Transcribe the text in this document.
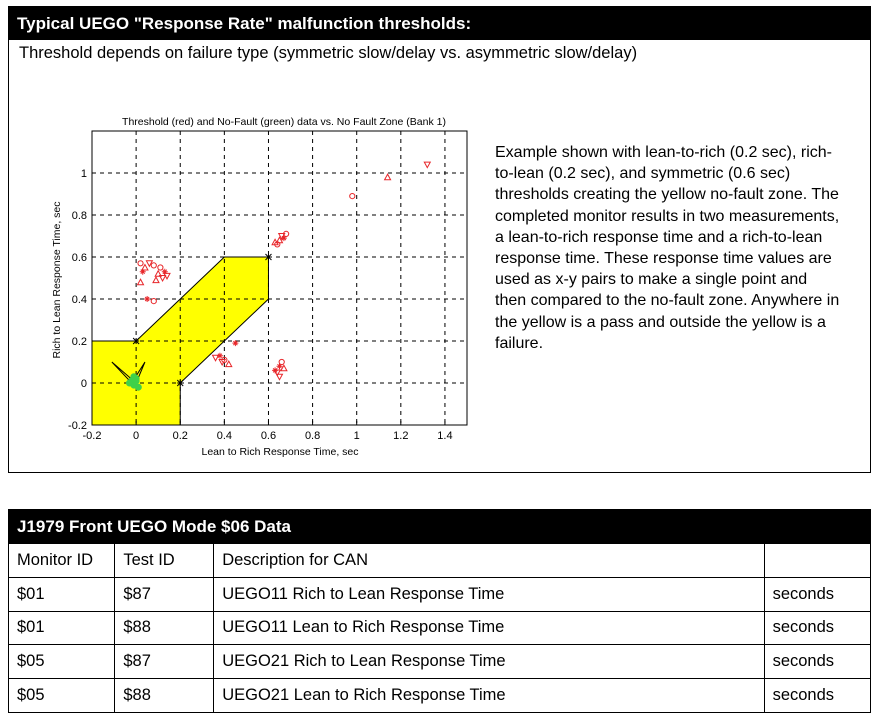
Typical UEGO "Response Rate" malfunction thresholds:
Threshold depends on failure type (symmetric slow/delay vs. asymmetric slow/delay)
Threshold (red) and No-Fault (green) data vs. No Fault Zone (Bank 1)
Lean to Rich Response Time, sec
Rich to Lean Response Time, sec
-0.2	0	0.2	0.4	0.6	0.8	1	1.2	1.4
-0.2
0
0.2
0.4
0.6
0.8
1
Example shown with lean-to-rich (0.2 sec), rich-to-lean (0.2 sec), and symmetric (0.6 sec) thresholds creating the yellow no-fault zone. The completed monitor results in two measurements, a lean-to-rich response time and a rich-to-lean response time. These response time values are used as x-y pairs to make a single point and then compared to the no-fault zone. Anywhere in the yellow is a pass and outside the yellow is a failure.
J1979 Front UEGO Mode $06 Data
Monitor ID	Test ID	Description for CAN	
$01	$87	UEGO11 Rich to Lean Response Time	seconds
$01	$88	UEGO11 Lean to Rich Response Time	seconds
$05	$87	UEGO21 Rich to Lean Response Time	seconds
$05	$88	UEGO21 Lean to Rich Response Time	seconds
